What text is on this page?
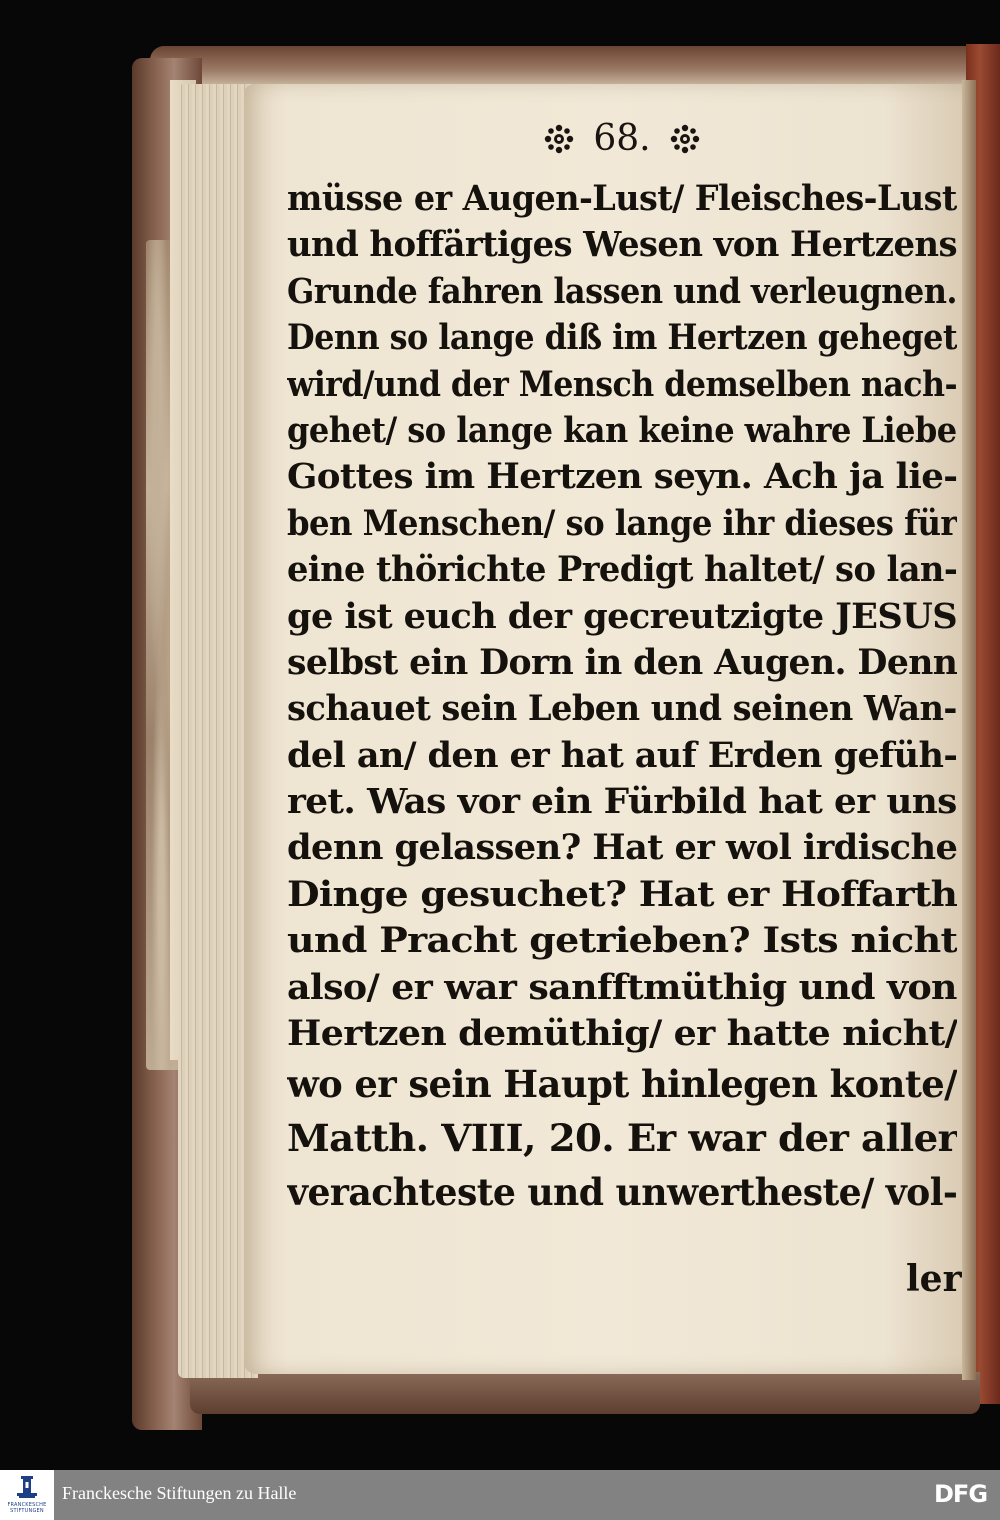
68.
müsse er Augen-Lust/ Fleisches-Lust
und hoffärtiges Wesen von Hertzens
Grunde fahren lassen und verleugnen.
Denn so lange diß im Hertzen geheget
wird/und der Mensch demselben nach-
gehet/ so lange kan keine wahre Liebe
Gottes im Hertzen seyn. Ach ja lie-
ben Menschen/ so lange ihr dieses für
eine thörichte Predigt haltet/ so lan-
ge ist euch der gecreutzigte JESUS
selbst ein Dorn in den Augen. Denn
schauet sein Leben und seinen Wan-
del an/ den er hat auf Erden gefüh-
ret. Was vor ein Fürbild hat er uns
denn gelassen? Hat er wol irdische
Dinge gesuchet? Hat er Hoffarth
und Pracht getrieben? Ists nicht
also/ er war sanfftmüthig und von
Hertzen demüthig/ er hatte nicht/
wo er sein Haupt hinlegen konte/
Matth. VIII, 20. Er war der aller
verachteste und unwertheste/ vol-
ler
FRANCKESCHE STIFTUNGEN
Franckesche Stiftungen zu Halle	DFG
